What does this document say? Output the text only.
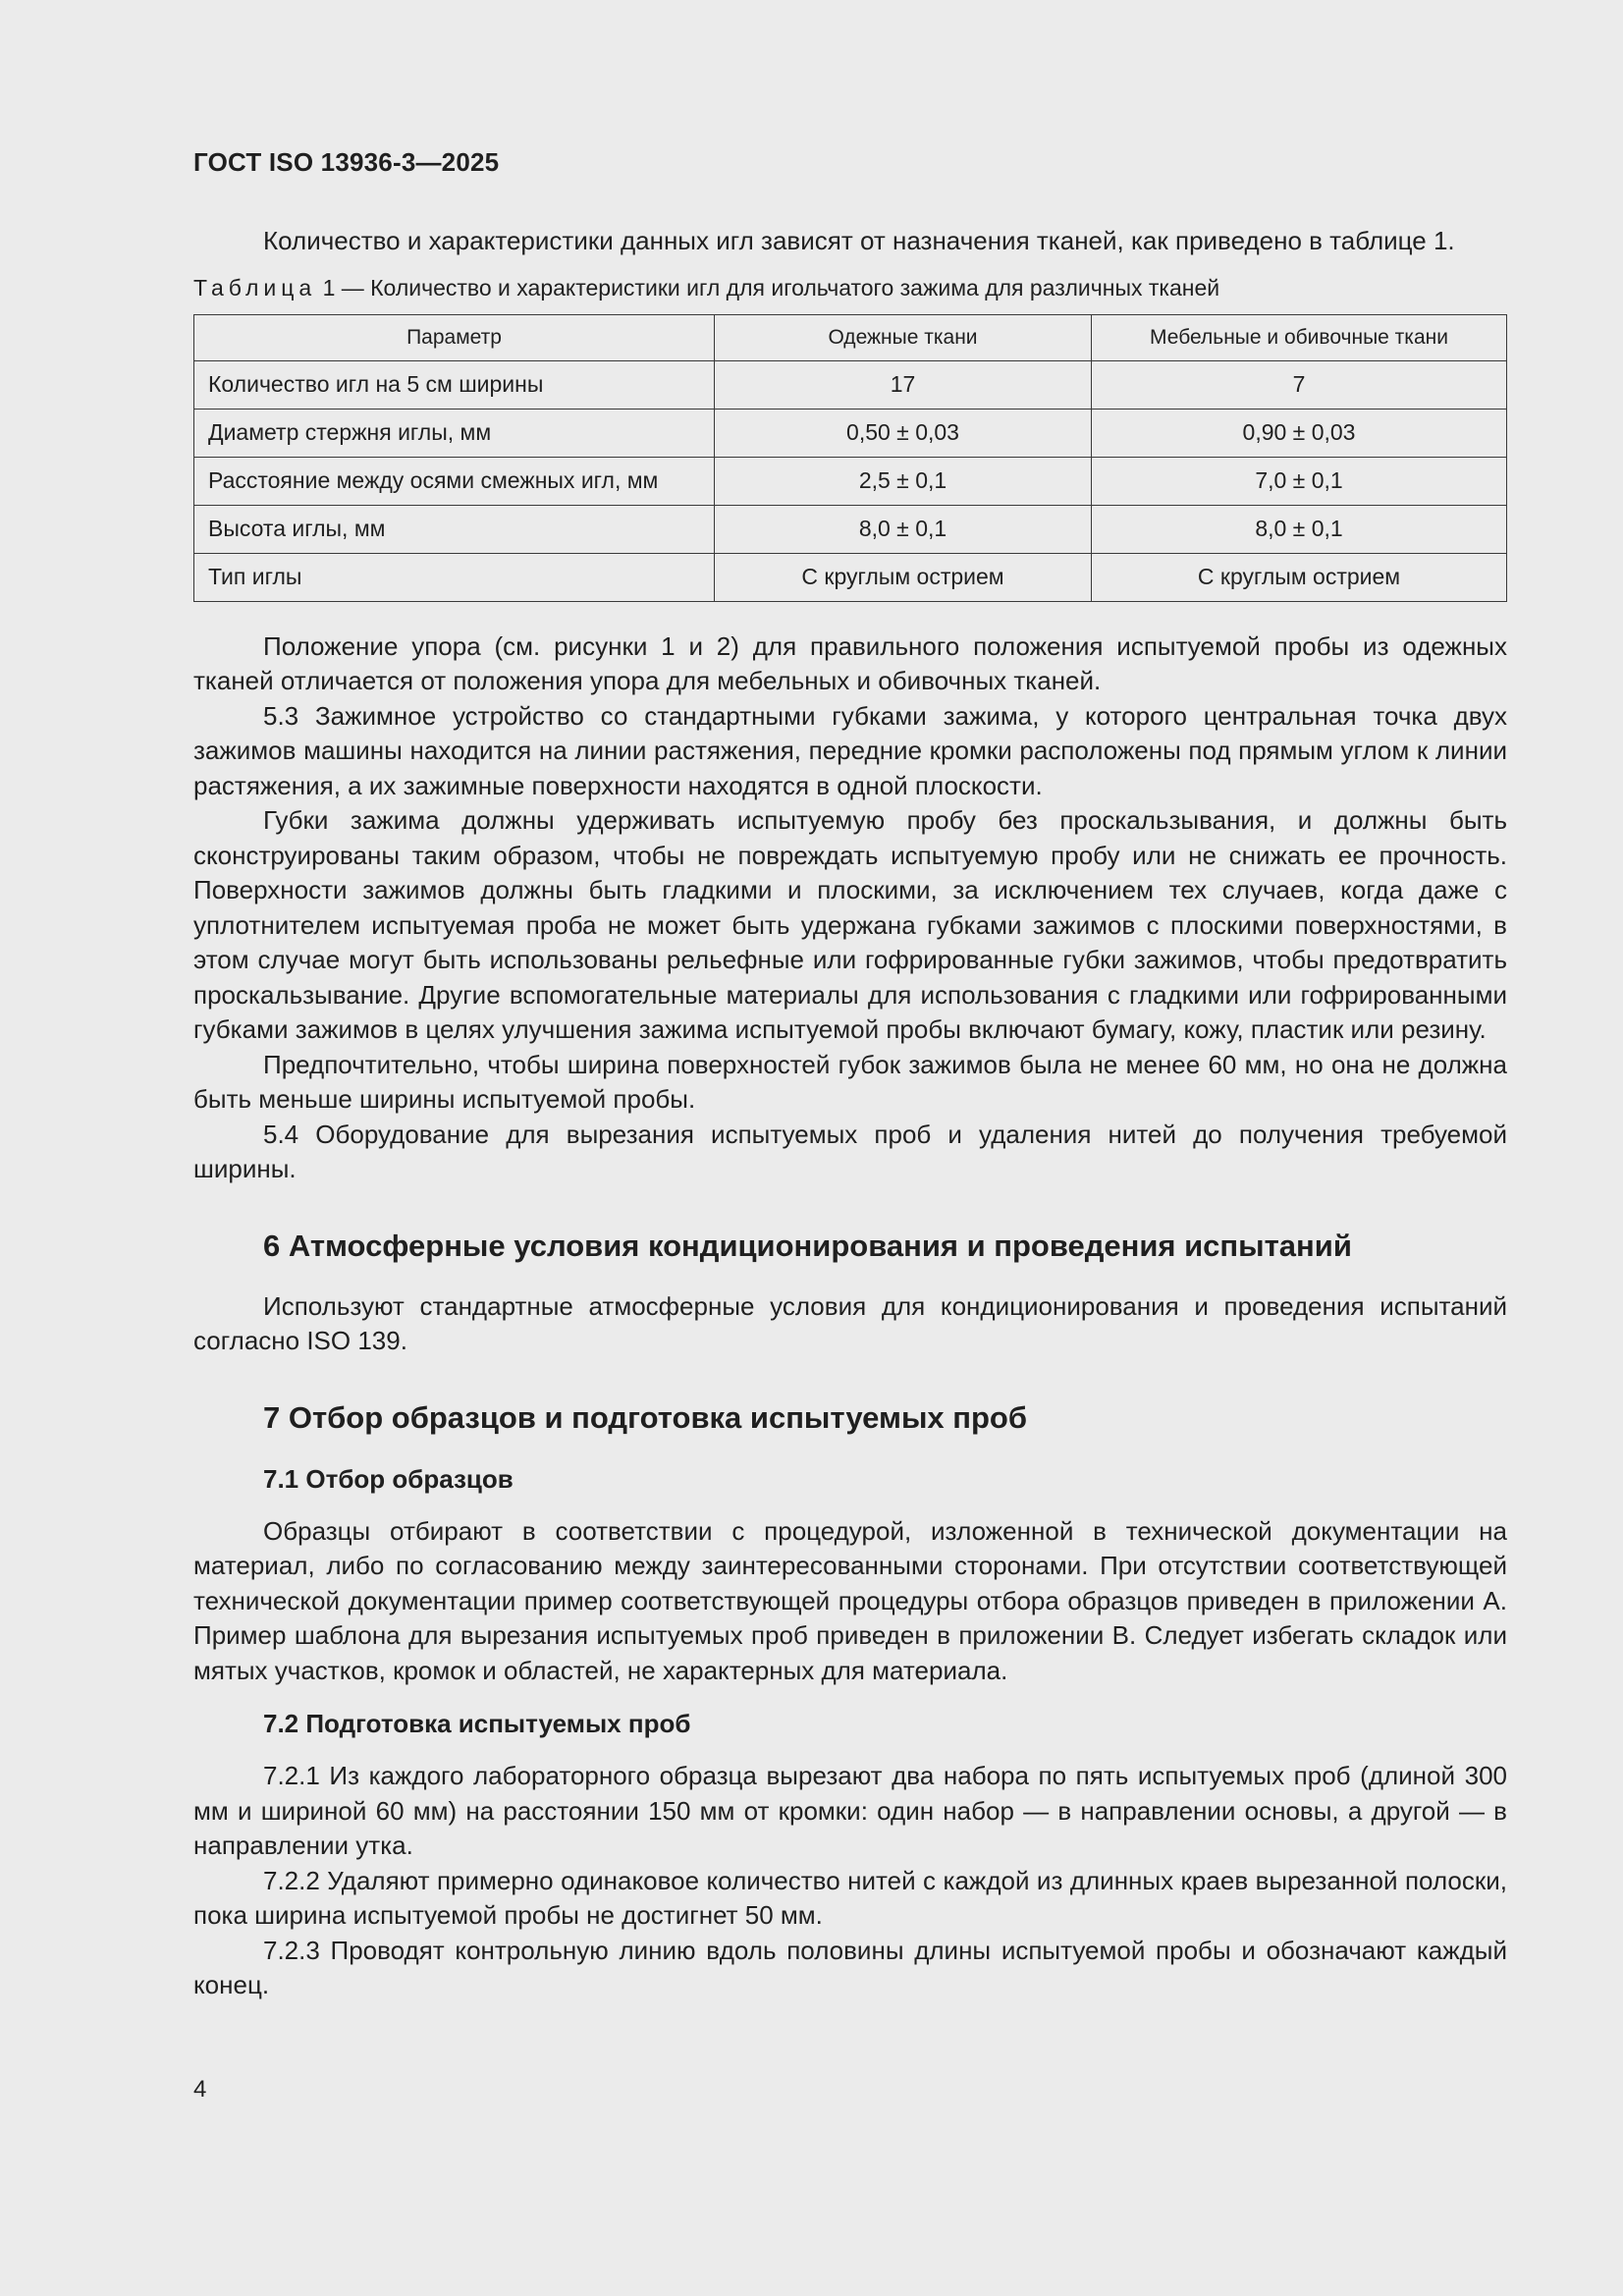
ГОСТ ISO 13936-3—2025

Количество и характеристики данных игл зависят от назначения тканей, как приведено в таблице 1.

Таблица 1 — Количество и характеристики игл для игольчатого зажима для различных тканей
Параметр	Одежные ткани	Мебельные и обивочные ткани
Количество игл на 5 см ширины	17	7
Диаметр стержня иглы, мм	0,50 ± 0,03	0,90 ± 0,03
Расстояние между осями смежных игл, мм	2,5 ± 0,1	7,0 ± 0,1
Высота иглы, мм	8,0 ± 0,1	8,0 ± 0,1
Тип иглы	С круглым острием	С круглым острием

Положение упора (см. рисунки 1 и 2) для правильного положения испытуемой пробы из одежных тканей отличается от положения упора для мебельных и обивочных тканей.

5.3 Зажимное устройство со стандартными губками зажима, у которого центральная точка двух зажимов машины находится на линии растяжения, передние кромки расположены под прямым углом к линии растяжения, а их зажимные поверхности находятся в одной плоскости.

Губки зажима должны удерживать испытуемую пробу без проскальзывания, и должны быть сконструированы таким образом, чтобы не повреждать испытуемую пробу или не снижать ее прочность. Поверхности зажимов должны быть гладкими и плоскими, за исключением тех случаев, когда даже с уплотнителем испытуемая проба не может быть удержана губками зажимов с плоскими поверхностями, в этом случае могут быть использованы рельефные или гофрированные губки зажимов, чтобы предотвратить проскальзывание. Другие вспомогательные материалы для использования с гладкими или гофрированными губками зажимов в целях улучшения зажима испытуемой пробы включают бумагу, кожу, пластик или резину.

Предпочтительно, чтобы ширина поверхностей губок зажимов была не менее 60 мм, но она не должна быть меньше ширины испытуемой пробы.

5.4 Оборудование для вырезания испытуемых проб и удаления нитей до получения требуемой ширины.

6 Атмосферные условия кондиционирования и проведения испытаний

Используют стандартные атмосферные условия для кондиционирования и проведения испытаний согласно ISO 139.

7 Отбор образцов и подготовка испытуемых проб
7.1 Отбор образцов

Образцы отбирают в соответствии с процедурой, изложенной в технической документации на материал, либо по согласованию между заинтересованными сторонами. При отсутствии соответствующей технической документации пример соответствующей процедуры отбора образцов приведен в приложении А. Пример шаблона для вырезания испытуемых проб приведен в приложении В. Следует избегать складок или мятых участков, кромок и областей, не характерных для материала.

7.2 Подготовка испытуемых проб

7.2.1 Из каждого лабораторного образца вырезают два набора по пять испытуемых проб (длиной 300 мм и шириной 60 мм) на расстоянии 150 мм от кромки: один набор — в направлении основы, а другой — в направлении утка.

7.2.2 Удаляют примерно одинаковое количество нитей с каждой из длинных краев вырезанной полоски, пока ширина испытуемой пробы не достигнет 50 мм.

7.2.3 Проводят контрольную линию вдоль половины длины испытуемой пробы и обозначают каждый конец.

4
